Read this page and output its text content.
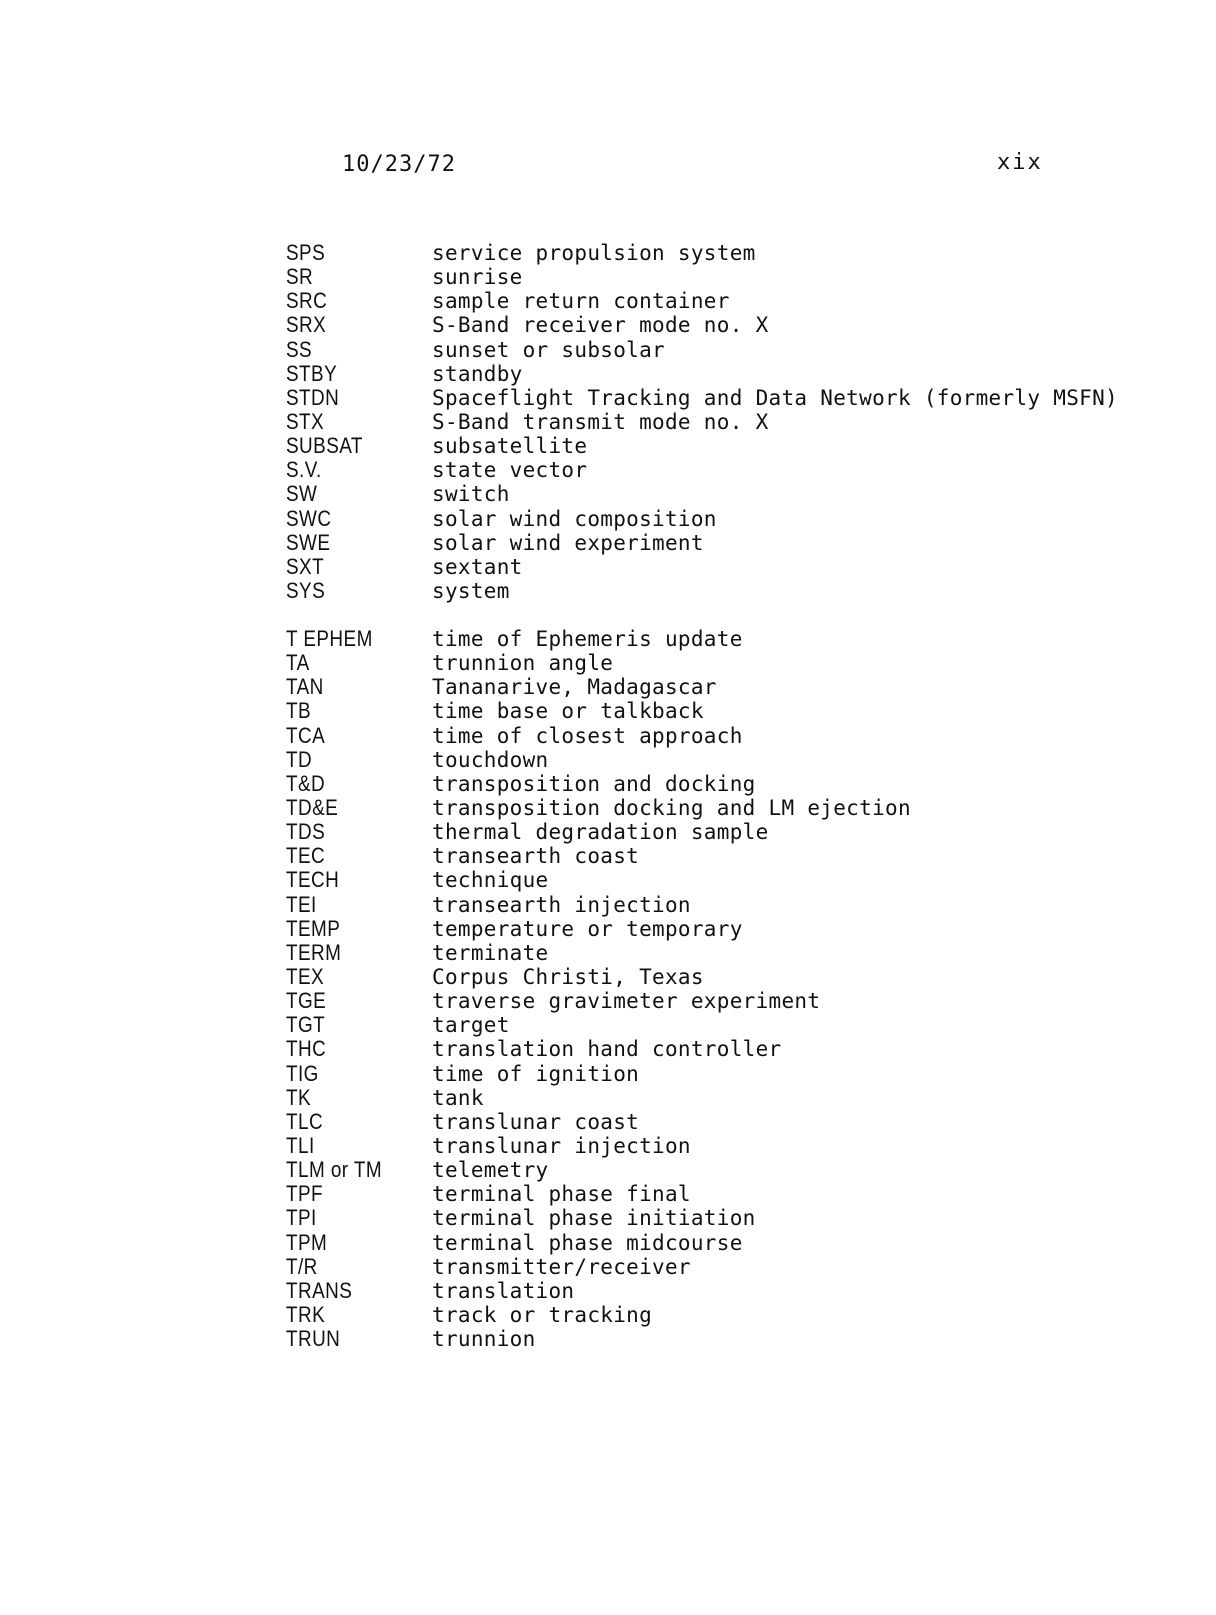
10/23/72	xix
SPS	service propulsion system
SR	sunrise
SRC	sample return container
SRX	S-Band receiver mode no. X
SS	sunset or subsolar
STBY	standby
STDN	Spaceflight Tracking and Data Network (formerly MSFN)
STX	S-Band transmit mode no. X
SUBSAT	subsatellite
S.V.	state vector
SW	switch
SWC	solar wind composition
SWE	solar wind experiment
SXT	sextant
SYS	system
T EPHEM	time of Ephemeris update
TA	trunnion angle
TAN	Tananarive, Madagascar
TB	time base or talkback
TCA	time of closest approach
TD	touchdown
T&D	transposition and docking
TD&E	transposition docking and LM ejection
TDS	thermal degradation sample
TEC	transearth coast
TECH	technique
TEI	transearth injection
TEMP	temperature or temporary
TERM	terminate
TEX	Corpus Christi, Texas
TGE	traverse gravimeter experiment
TGT	target
THC	translation hand controller
TIG	time of ignition
TK	tank
TLC	translunar coast
TLI	translunar injection
TLM or TM	telemetry
TPF	terminal phase final
TPI	terminal phase initiation
TPM	terminal phase midcourse
T/R	transmitter/receiver
TRANS	translation
TRK	track or tracking
TRUN	trunnion
